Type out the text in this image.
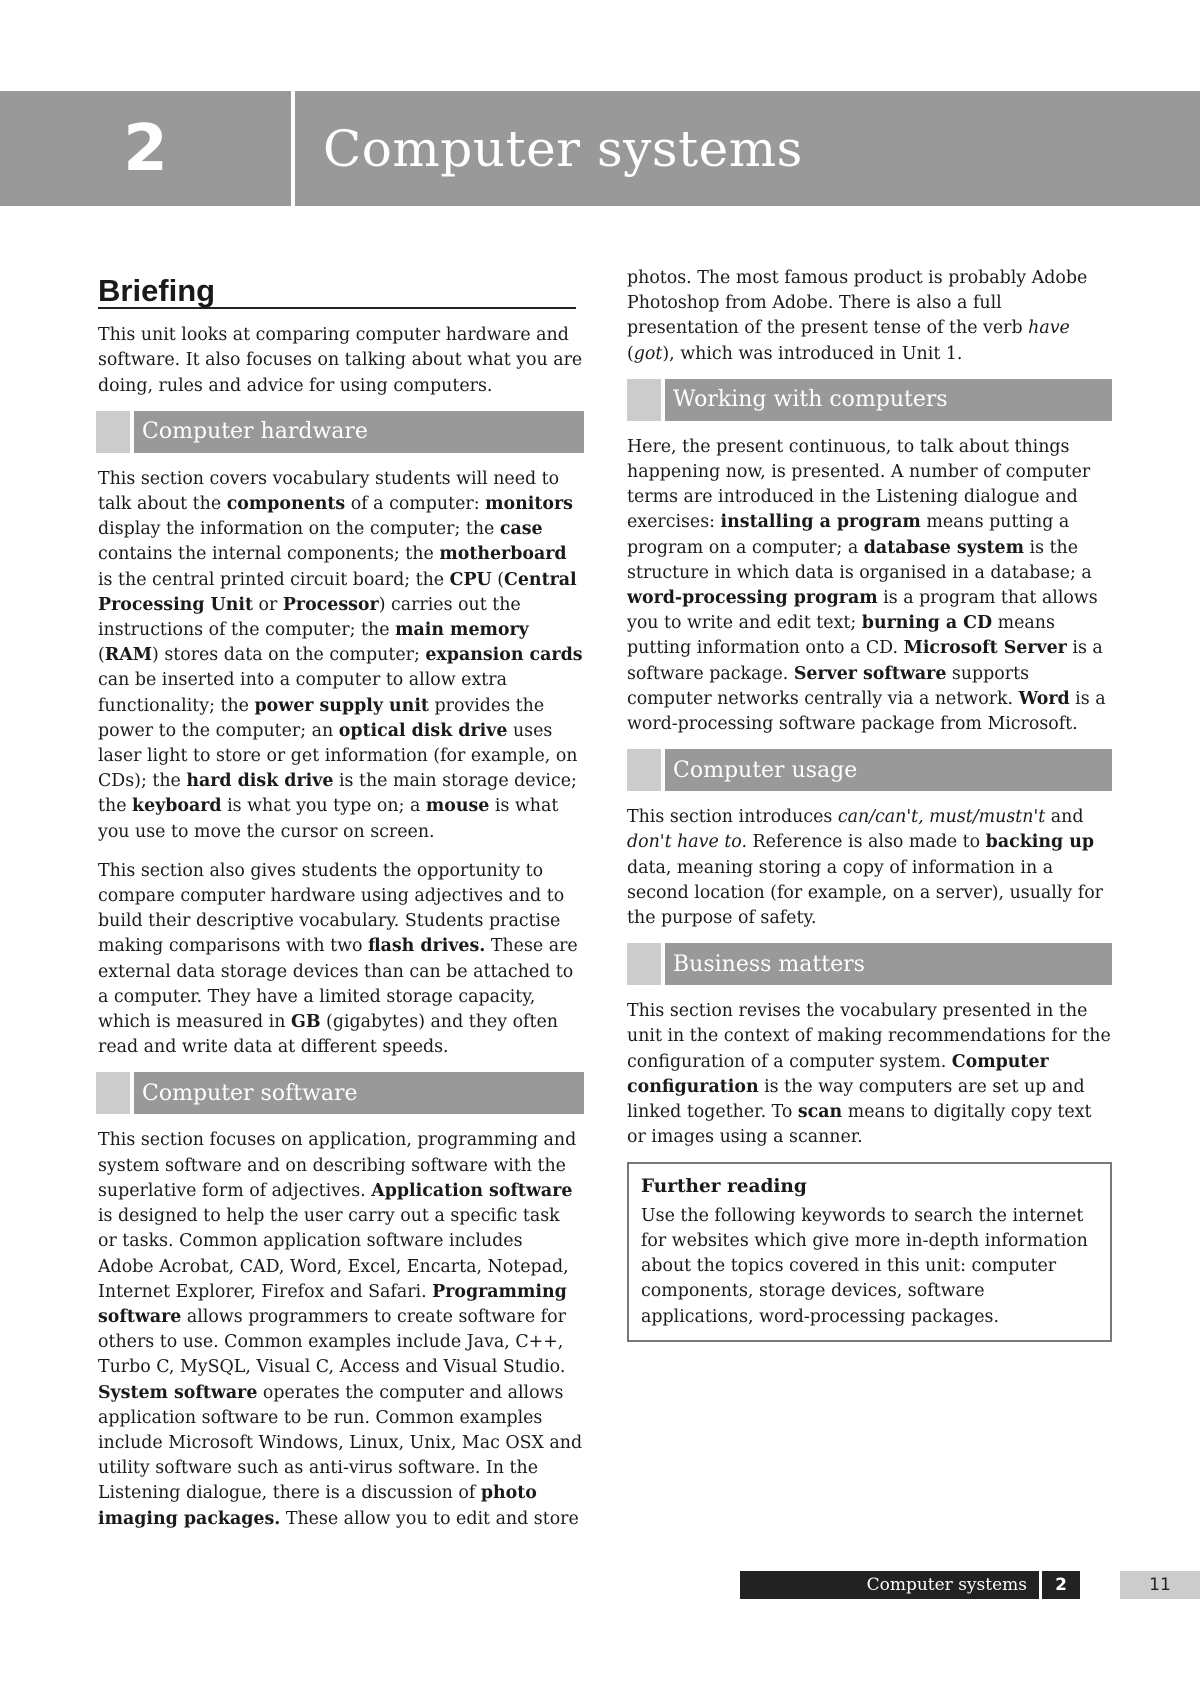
2	Computer systems
Briefing

This unit looks at comparing computer hardware and software. It also focuses on talking about what you are doing, rules and advice for using computers.

Computer hardware

This section covers vocabulary students will need to talk about the components of a computer: monitors display the information on the computer; the case contains the internal components; the motherboard is the central printed circuit board; the CPU (Central Processing Unit or Processor) carries out the instructions of the computer; the main memory (RAM) stores data on the computer; expansion cards can be inserted into a computer to allow extra functionality; the power supply unit provides the power to the computer; an optical disk drive uses laser light to store or get information (for example, on CDs); the hard disk drive is the main storage device; the keyboard is what you type on; a mouse is what you use to move the cursor on screen.

This section also gives students the opportunity to compare computer hardware using adjectives and to build their descriptive vocabulary. Students practise making comparisons with two flash drives. These are external data storage devices than can be attached to a computer. They have a limited storage capacity, which is measured in GB (gigabytes) and they often read and write data at different speeds.

Computer software

This section focuses on application, programming and system software and on describing software with the superlative form of adjectives. Application software is designed to help the user carry out a specific task or tasks. Common application software includes Adobe Acrobat, CAD, Word, Excel, Encarta, Notepad, Internet Explorer, Firefox and Safari. Programming software allows programmers to create software for others to use. Common examples include Java, C++, Turbo C, MySQL, Visual C, Access and Visual Studio. System software operates the computer and allows application software to be run. Common examples include Microsoft Windows, Linux, Unix, Mac OSX and utility software such as anti-virus software. In the Listening dialogue, there is a discussion of photo imaging packages. These allow you to edit and store

photos. The most famous product is probably Adobe Photoshop from Adobe. There is also a full presentation of the present tense of the verb have (got), which was introduced in Unit 1.

Working with computers

Here, the present continuous, to talk about things happening now, is presented. A number of computer terms are introduced in the Listening dialogue and exercises: installing a program means putting a program on a computer; a database system is the structure in which data is organised in a database; a word-processing program is a program that allows you to write and edit text; burning a CD means putting information onto a CD. Microsoft Server is a software package. Server software supports computer networks centrally via a network. Word is a word-processing software package from Microsoft.

Computer usage

This section introduces can/can't, must/mustn't and don't have to. Reference is also made to backing up data, meaning storing a copy of information in a second location (for example, on a server), usually for the purpose of safety.

Business matters

This section revises the vocabulary presented in the unit in the context of making recommendations for the configuration of a computer system. Computer configuration is the way computers are set up and linked together. To scan means to digitally copy text or images using a scanner.

Further reading
Use the following keywords to search the internet for websites which give more in-depth information about the topics covered in this unit: computer components, storage devices, software applications, word-processing packages.
Computer systems	2	11
